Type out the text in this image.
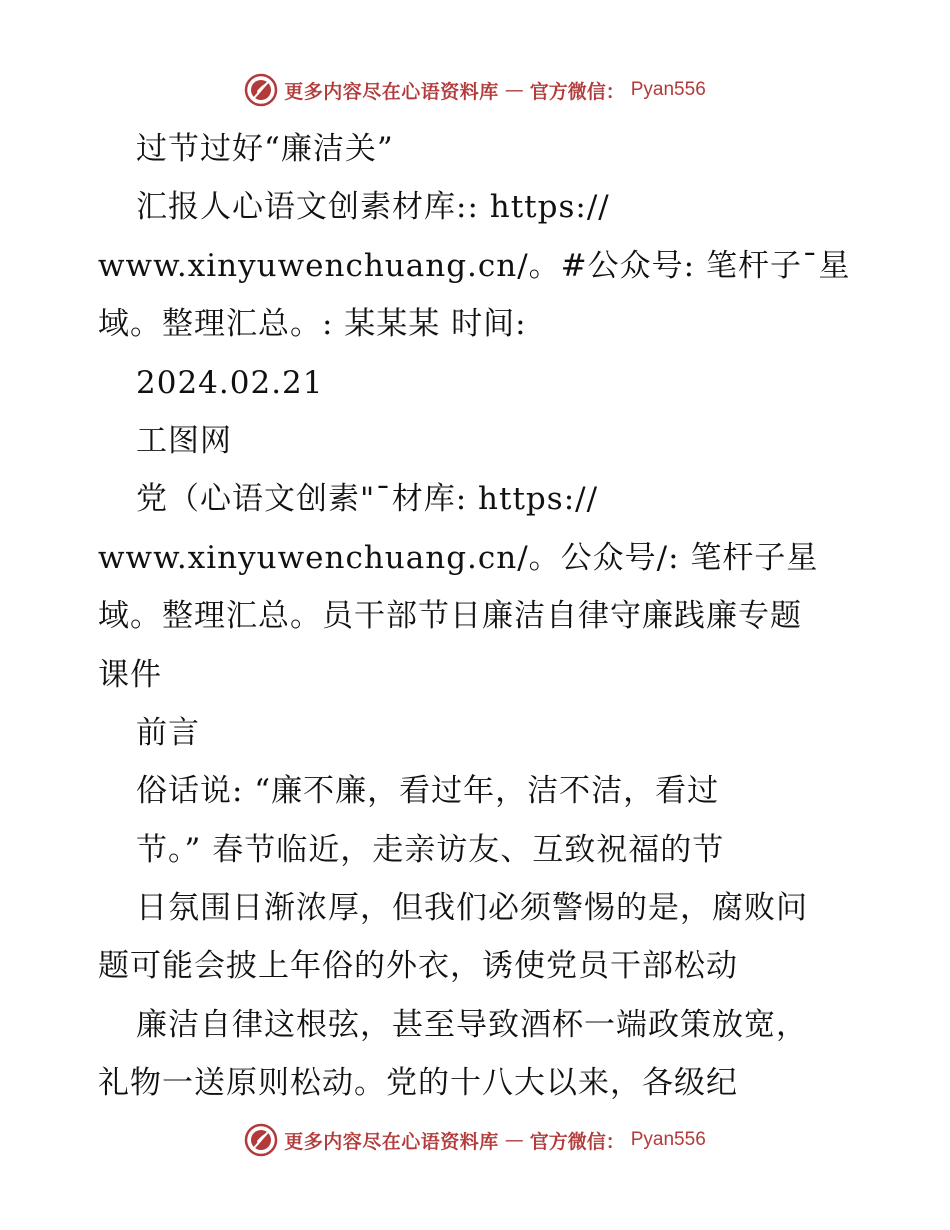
更多内容尽在心语资料库 — 官方微信： Pyan556
过节过好“廉洁关”
汇报人心语文创素材库:: https://
www.xinyuwenchuang.cn/。#公众号: 笔杆子¯星
域。整理汇总。: 某某某 时间:
2024.02.21
工图网
党（心语文创素"¯材库: https://
www.xinyuwenchuang.cn/。公众号/: 笔杆子星
域。整理汇总。员干部节日廉洁自律守廉践廉专题
课件
前言
俗话说: “廉不廉，看过年，洁不洁，看过
节。” 春节临近，走亲访友、互致祝福的节
日氛围日渐浓厚，但我们必须警惕的是，腐败问
题可能会披上年俗的外衣，诱使党员干部松动
廉洁自律这根弦，甚至导致酒杯一端政策放宽，
礼物一送原则松动。党的十八大以来，各级纪
更多内容尽在心语资料库 — 官方微信： Pyan556
